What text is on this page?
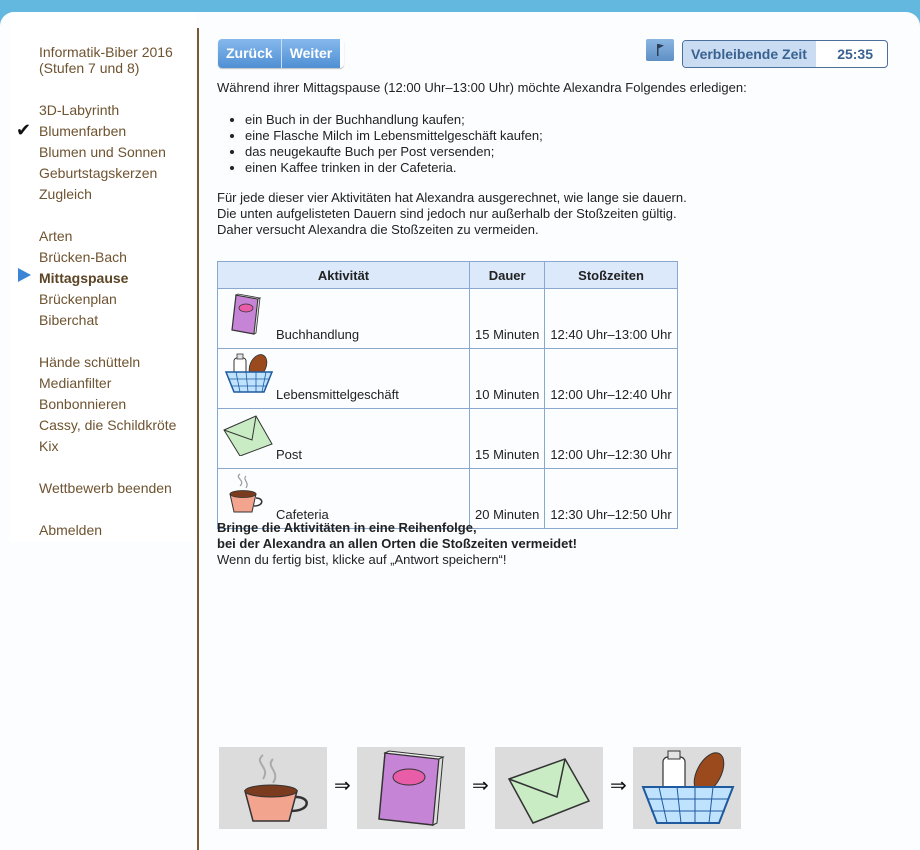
Informatik-Biber 2016
(Stufen 7 und 8)
3D-Labyrinth
✔ Blumenfarben
Blumen und Sonnen
Geburtstagskerzen
Zugleich
Arten
Brücken-Bach
Mittagspause
Brückenplan
Biberchat
Hände schütteln
Medianfilter
Bonbonnieren
Cassy, die Schildkröte
Kix
Wettbewerb beenden
Abmelden
Zurück	Weiter	Verbleibende Zeit 25:35

Während ihrer Mittagspause (12:00 Uhr–13:00 Uhr) möchte Alexandra Folgendes erledigen:

• ein Buch in der Buchhandlung kaufen;
• eine Flasche Milch im Lebensmittelgeschäft kaufen;
• das neugekaufte Buch per Post versenden;
• einen Kaffee trinken in der Cafeteria.
Für jede dieser vier Aktivitäten hat Alexandra ausgerechnet, wie lange sie dauern.
Die unten aufgelisteten Dauern sind jedoch nur außerhalb der Stoßzeiten gültig.
Daher versucht Alexandra die Stoßzeiten zu vermeiden.
Aktivität	Dauer	Stoßzeiten

Buchhandlung	15 Minuten	12:40 Uhr–13:00 Uhr

Lebensmittelgeschäft	10 Minuten	12:00 Uhr–12:40 Uhr

Post	15 Minuten	12:00 Uhr–12:30 Uhr

Cafeteria	20 Minuten	12:30 Uhr–12:50 Uhr
Bringe die Aktivitäten in eine Reihenfolge,
bei der Alexandra an allen Orten die Stoßzeiten vermeidet!
Wenn du fertig bist, klicke auf „Antwort speichern“!
⇒	⇒	⇒
